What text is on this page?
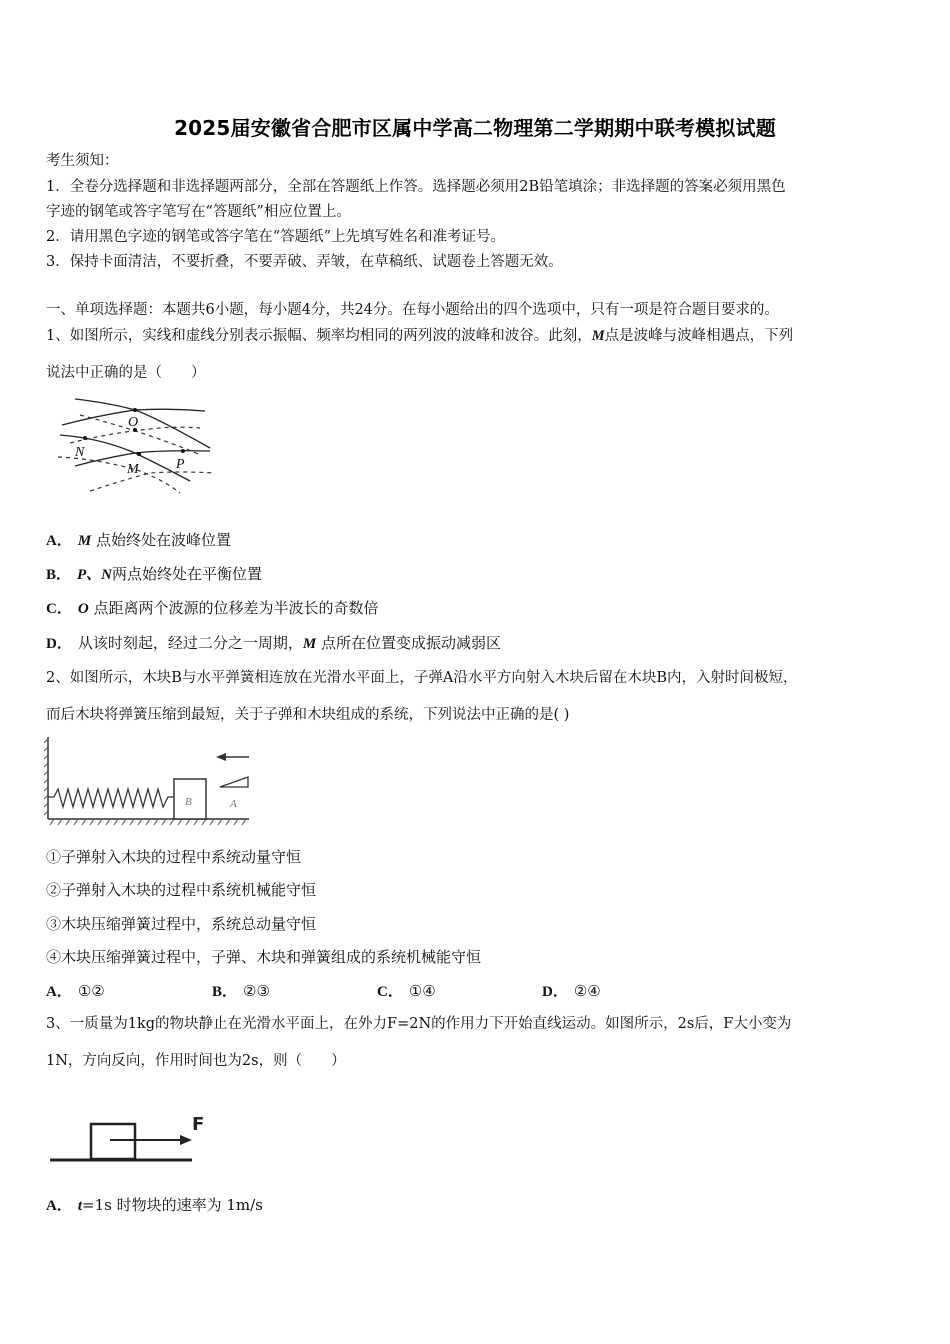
2025届安徽省合肥市区属中学高二物理第二学期期中联考模拟试题
考生须知：
1．全卷分选择题和非选择题两部分，全部在答题纸上作答。选择题必须用2B铅笔填涂；非选择题的答案必须用黑色
字迹的钢笔或答字笔写在“答题纸”相应位置上。
2．请用黑色字迹的钢笔或答字笔在“答题纸”上先填写姓名和准考证号。
3．保持卡面清洁，不要折叠，不要弄破、弄皱，在草稿纸、试题卷上答题无效。
一、单项选择题：本题共6小题，每小题4分，共24分。在每小题给出的四个选项中，只有一项是符合题目要求的。
1、如图所示，实线和虚线分别表示振幅、频率均相同的两列波的波峰和波谷。此刻，M点是波峰与波峰相遇点，下列
说法中正确的是（　　）
O
N
M	P
A． M 点始终处在波峰位置
B． P、N两点始终处在平衡位置
C． O 点距离两个波源的位移差为半波长的奇数倍
D． 从该时刻起，经过二分之一周期，M 点所在位置变成振动减弱区
2、如图所示，木块B与水平弹簧相连放在光滑水平面上，子弹A沿水平方向射入木块后留在木块B内，入射时间极短，
而后木块将弹簧压缩到最短，关于子弹和木块组成的系统，下列说法中正确的是( )
B	A
①子弹射入木块的过程中系统动量守恒
②子弹射入木块的过程中系统机械能守恒
③木块压缩弹簧过程中，系统总动量守恒
④木块压缩弹簧过程中，子弹、木块和弹簧组成的系统机械能守恒
A． ①②	B． ②③	C． ①④	D． ②④
3、一质量为1kg的物块静止在光滑水平面上，在外力F=2N的作用力下开始直线运动。如图所示，2s后，F大小变为
1N，方向反向，作用时间也为2s，则（　　）
F
A． t=1s 时物块的速率为 1m/s
